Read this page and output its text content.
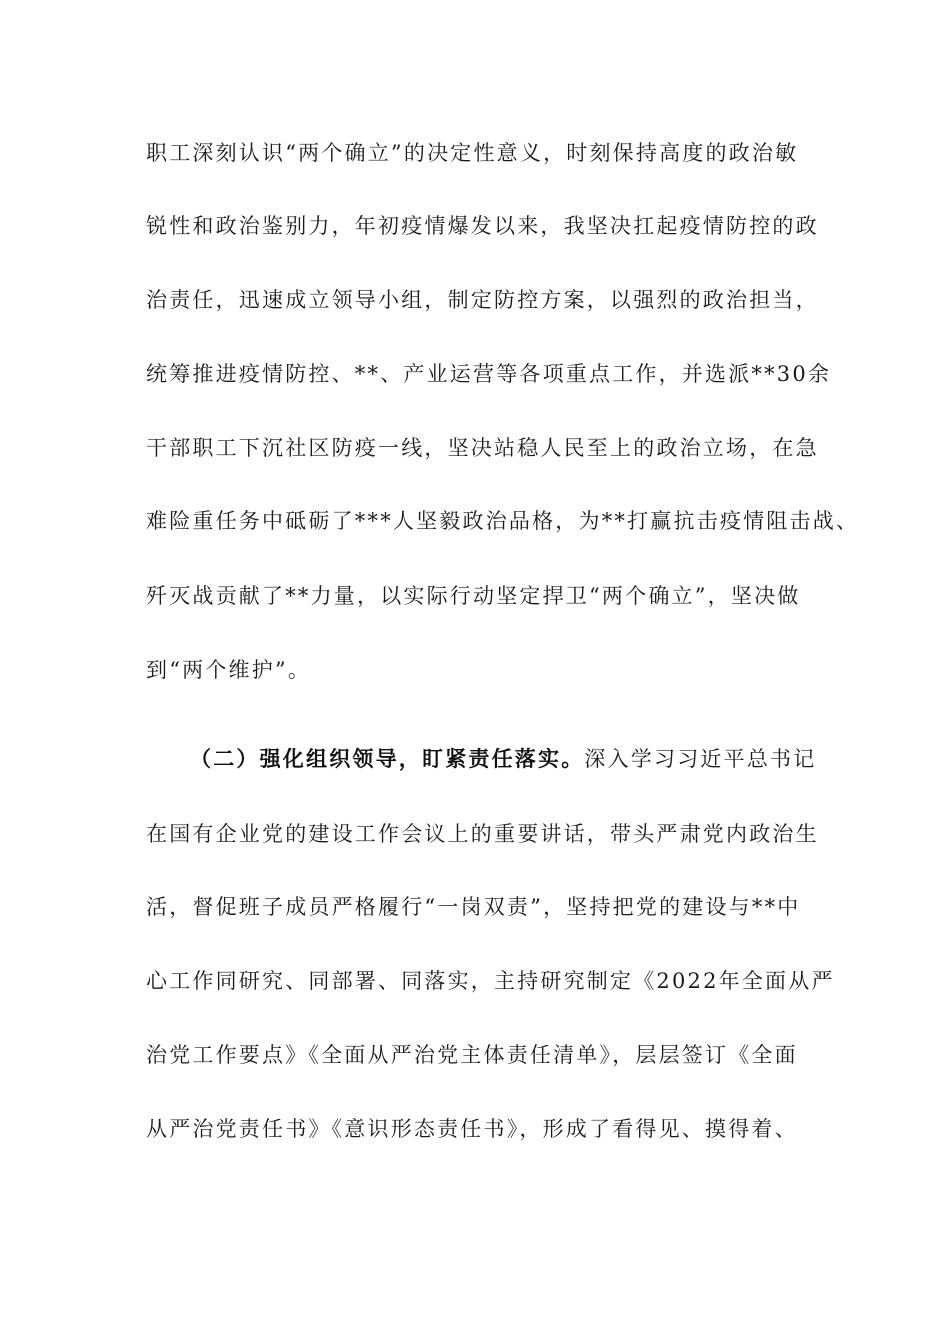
职工深刻认识“两个确立”的决定性意义，时刻保持高度的政治敏
锐性和政治鉴别力，年初疫情爆发以来，我坚决扛起疫情防控的政
治责任，迅速成立领导小组，制定防控方案，以强烈的政治担当，
统筹推进疫情防控、**、产业运营等各项重点工作，并选派**30余
干部职工下沉社区防疫一线，坚决站稳人民至上的政治立场，在急
难险重任务中砥砺了***人坚毅政治品格，为**打赢抗击疫情阻击战、
歼灭战贡献了**力量，以实际行动坚定捍卫“两个确立”，坚决做
到“两个维护”。
（二）强化组织领导，盯紧责任落实。深入学习习近平总书记
在国有企业党的建设工作会议上的重要讲话，带头严肃党内政治生
活，督促班子成员严格履行“一岗双责”，坚持把党的建设与**中
心工作同研究、同部署、同落实，主持研究制定《2022年全面从严
治党工作要点》《全面从严治党主体责任清单》，层层签订《全面
从严治党责任书》《意识形态责任书》，形成了看得见、摸得着、
